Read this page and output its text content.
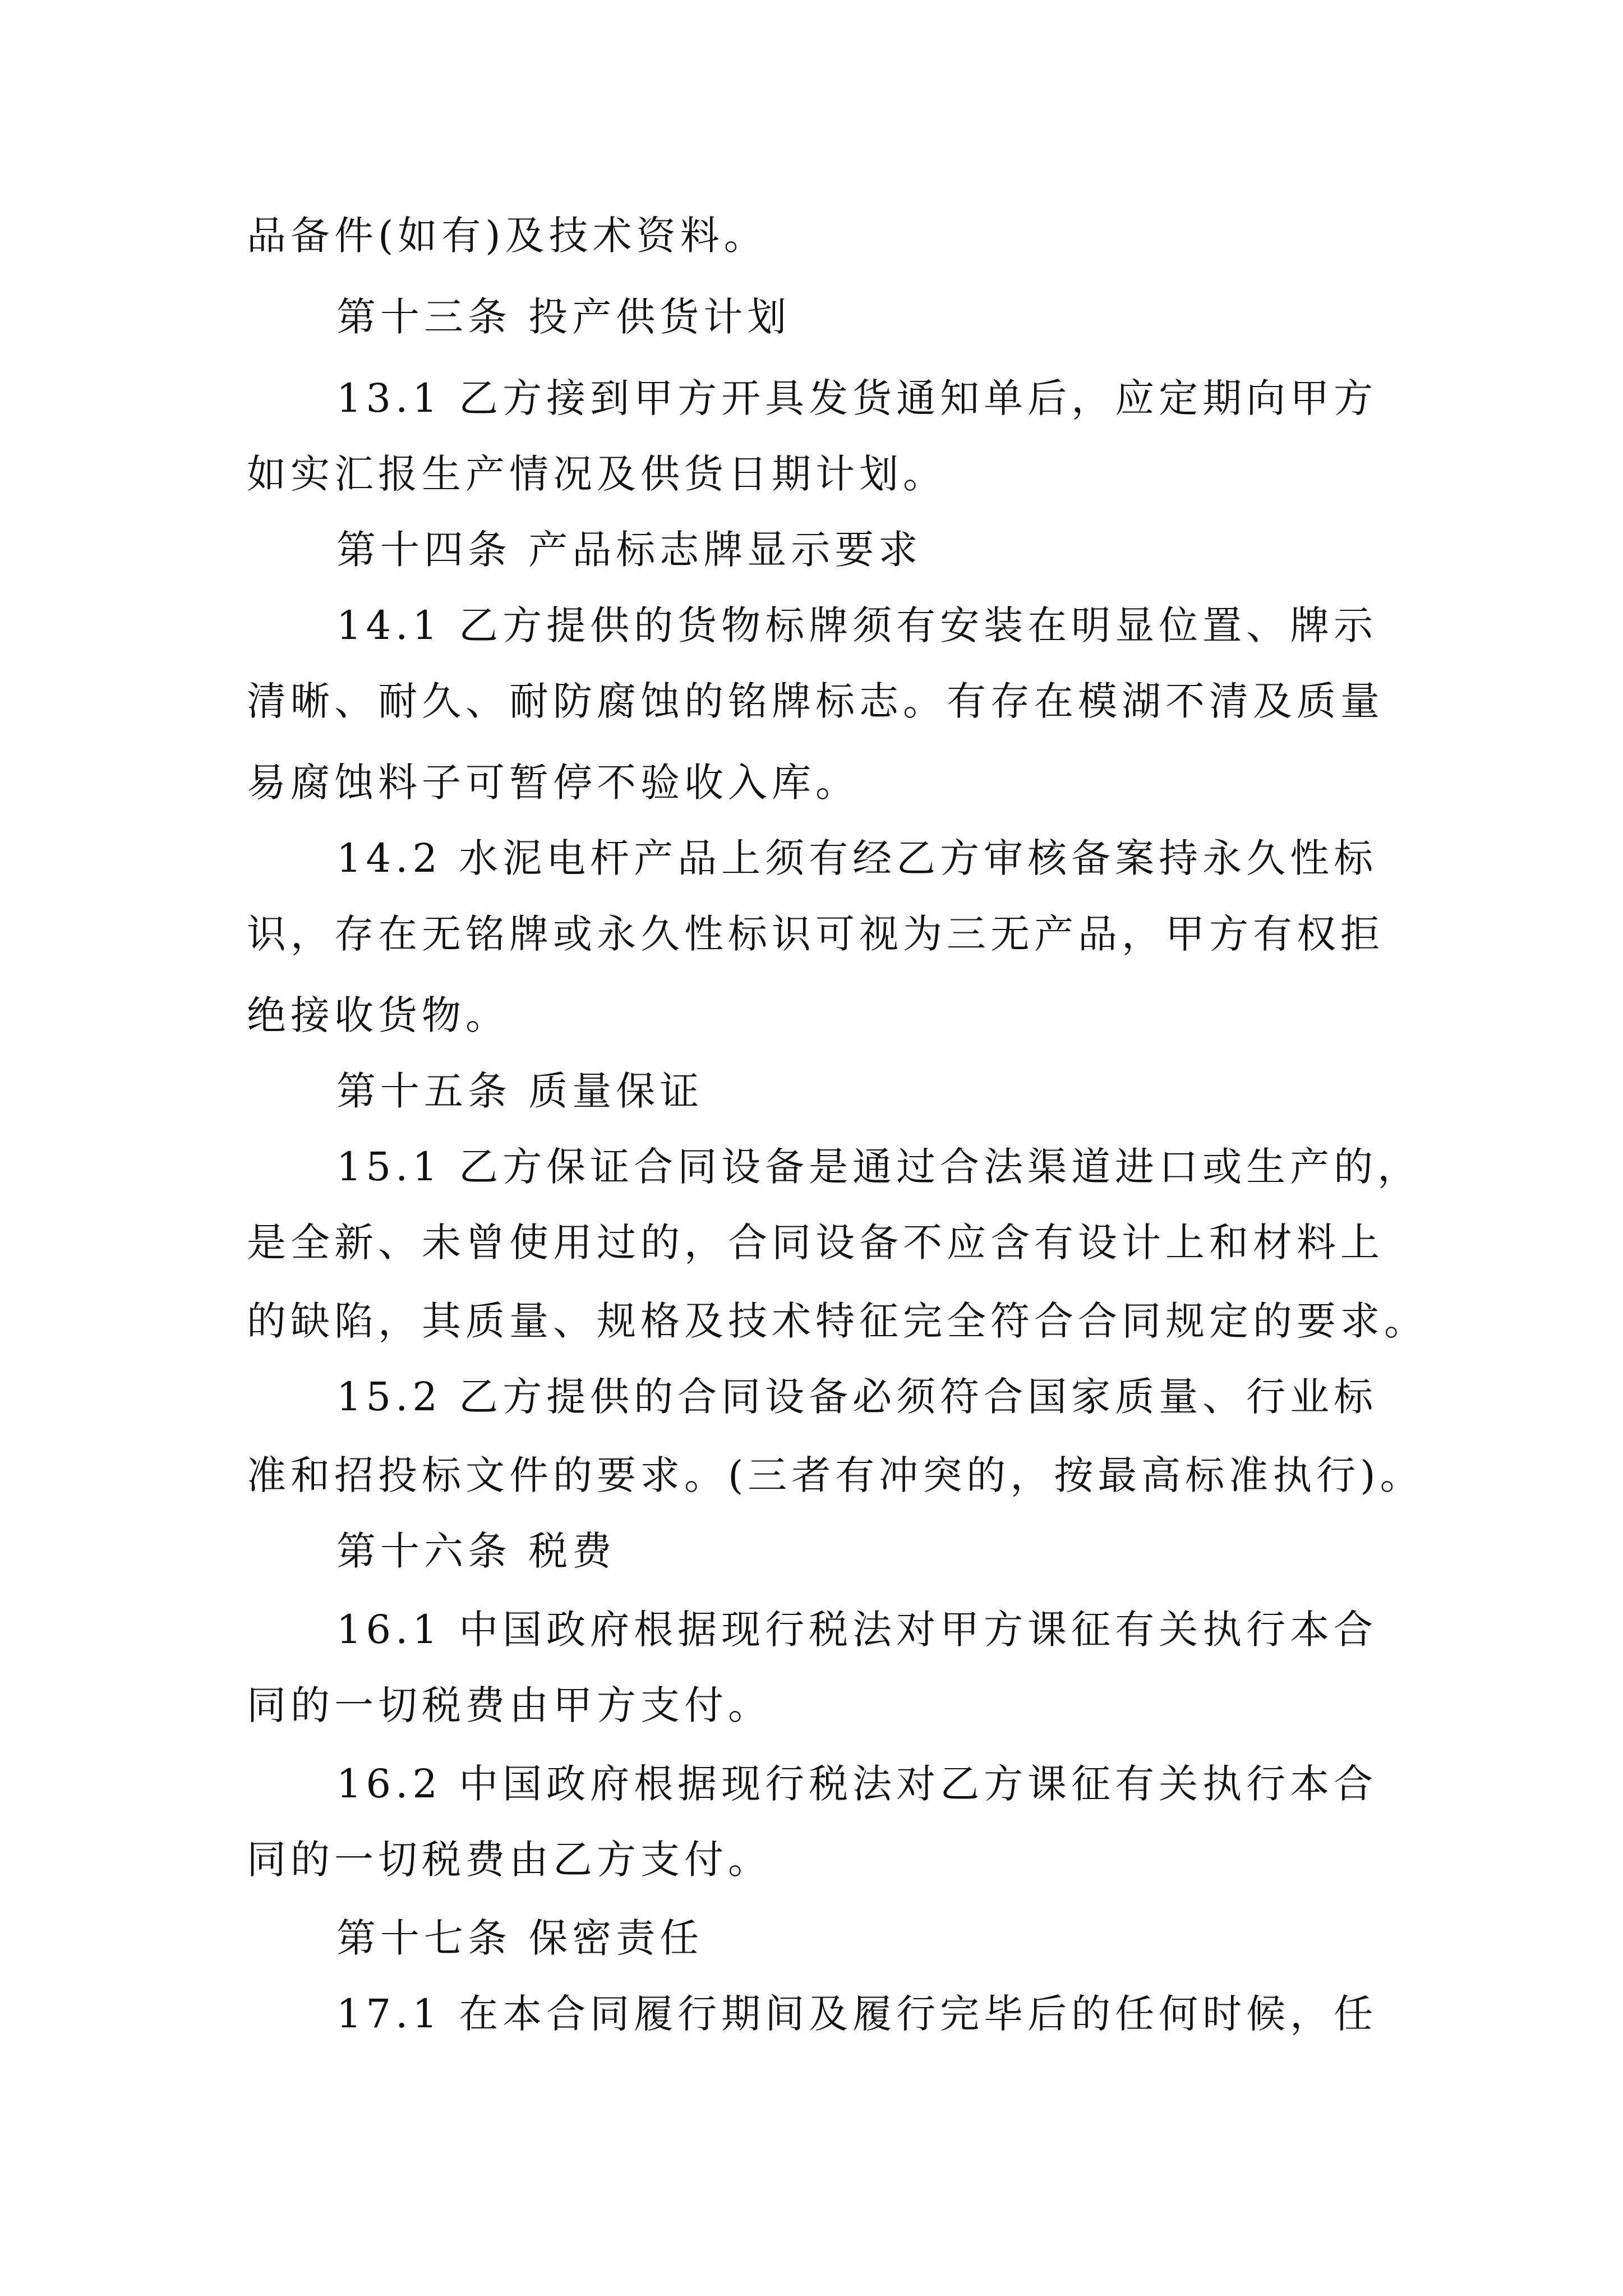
品备件(如有)及技术资料。
第十三条 投产供货计划
13.1 乙方接到甲方开具发货通知单后，应定期向甲方
如实汇报生产情况及供货日期计划。
第十四条 产品标志牌显示要求
14.1 乙方提供的货物标牌须有安装在明显位置、牌示
清晰、耐久、耐防腐蚀的铭牌标志。有存在模湖不清及质量
易腐蚀料子可暂停不验收入库。
14.2 水泥电杆产品上须有经乙方审核备案持永久性标
识，存在无铭牌或永久性标识可视为三无产品，甲方有权拒
绝接收货物。
第十五条 质量保证
15.1 乙方保证合同设备是通过合法渠道进口或生产的，
是全新、未曾使用过的，合同设备不应含有设计上和材料上
的缺陷，其质量、规格及技术特征完全符合合同规定的要求。
15.2 乙方提供的合同设备必须符合国家质量、行业标
准和招投标文件的要求。(三者有冲突的，按最高标准执行)。
第十六条 税费
16.1 中国政府根据现行税法对甲方课征有关执行本合
同的一切税费由甲方支付。
16.2 中国政府根据现行税法对乙方课征有关执行本合
同的一切税费由乙方支付。
第十七条 保密责任
17.1 在本合同履行期间及履行完毕后的任何时候，任
